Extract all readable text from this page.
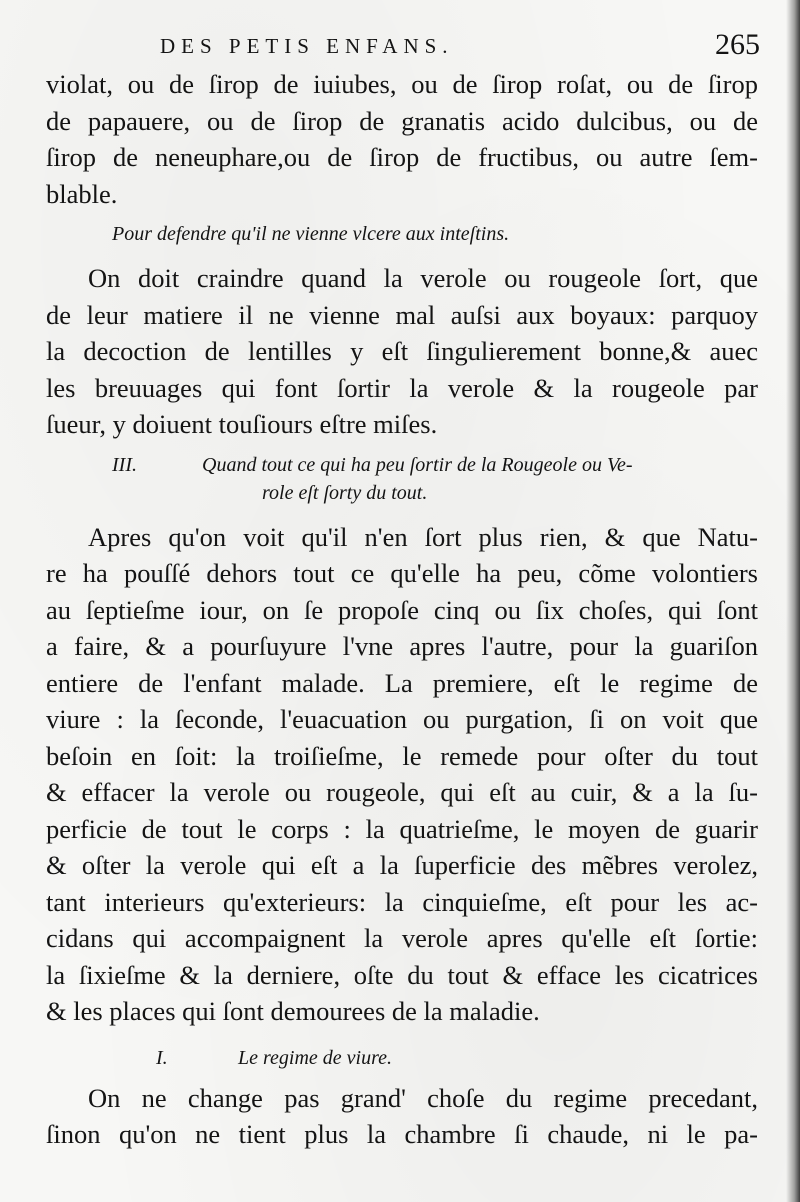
DES PETIS ENFANS.	265
violat, ou de ſirop de iuiubes, ou de ſirop roſat, ou de ſirop
de papauere, ou de ſirop de granatis acido dulcibus, ou de
ſirop de neneuphare,ou de ſirop de fructibus, ou autre ſem-
blable.
Pour defendre qu'il ne vienne vlcere aux inteſtins.
On doit craindre quand la verole ou rougeole ſort, que
de leur matiere il ne vienne mal auſsi aux boyaux: parquoy
la decoction de lentilles y eſt ſingulierement bonne,& auec
les breuuages qui font ſortir la verole & la rougeole par
ſueur, y doiuent touſiours eſtre miſes.
III.	Quand tout ce qui ha peu ſortir de la Rougeole ou Ve-
role eſt ſorty du tout.
Apres qu'on voit qu'il n'en ſort plus rien, & que Natu-
re ha pouſſé dehors tout ce qu'elle ha peu, cõme volontiers
au ſeptieſme iour, on ſe propoſe cinq ou ſix choſes, qui ſont
a faire, & a pourſuyure l'vne apres l'autre, pour la guariſon
entiere de l'enfant malade. La premiere, eſt le regime de
viure : la ſeconde, l'euacuation ou purgation, ſi on voit que
beſoin en ſoit: la troiſieſme, le remede pour oſter du tout
& effacer la verole ou rougeole, qui eſt au cuir, & a la ſu-
perficie de tout le corps : la quatrieſme, le moyen de guarir
& oſter la verole qui eſt a la ſuperficie des mẽbres verolez,
tant interieurs qu'exterieurs: la cinquieſme, eſt pour les ac-
cidans qui accompaignent la verole apres qu'elle eſt ſortie:
la ſixieſme & la derniere, oſte du tout & efface les cicatrices
& les places qui ſont demourees de la maladie.
I.	Le regime de viure.
On ne change pas grand' choſe du regime precedant,
ſinon qu'on ne tient plus la chambre ſi chaude, ni le pa-
